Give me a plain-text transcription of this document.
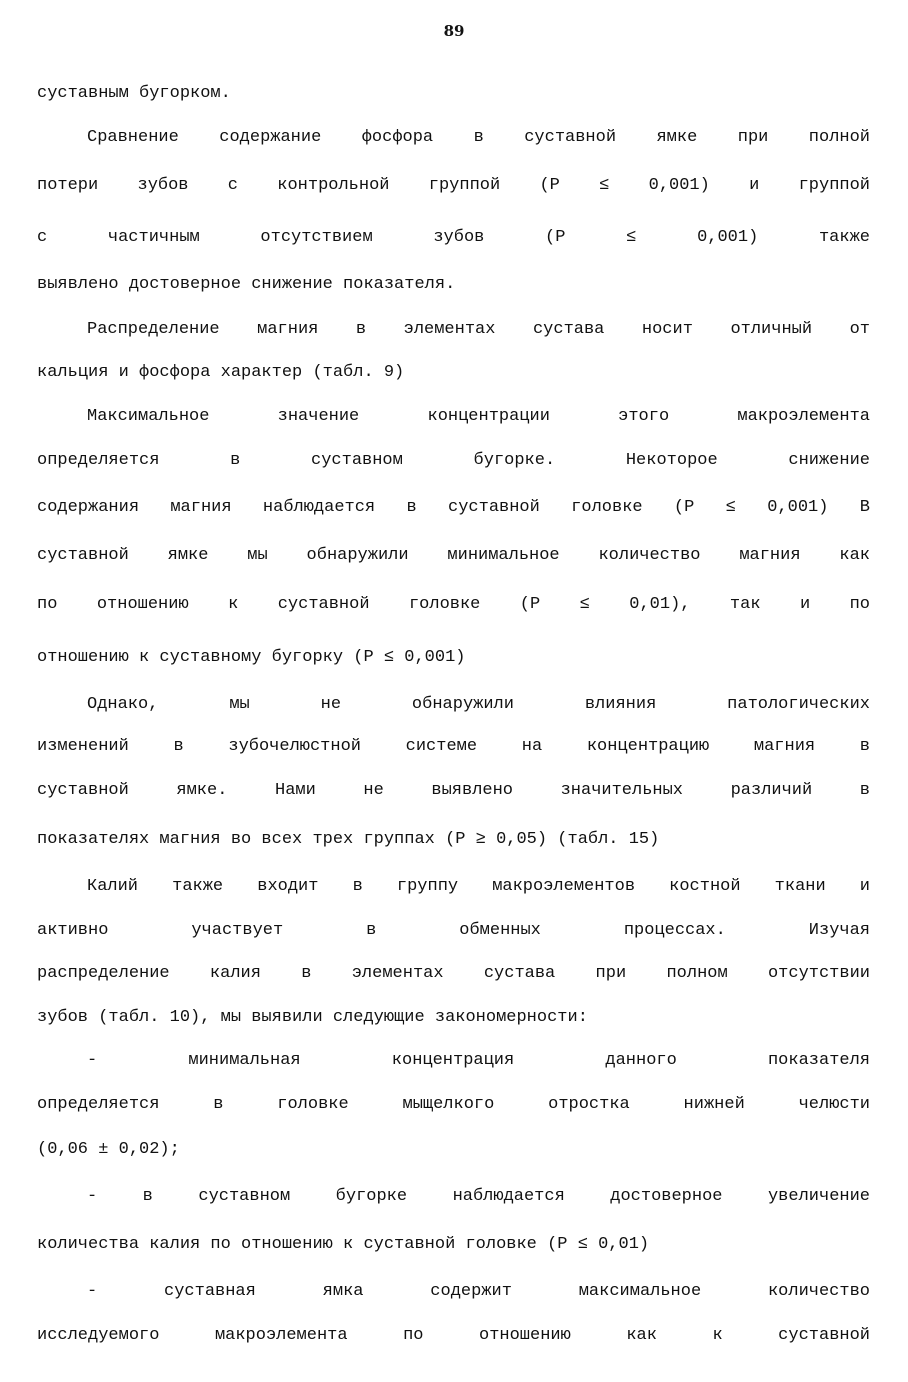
89
суставным бугорком.
Сравнение содержание фосфора в суставной ямке при полной
потери зубов с контрольной группой (P ≤ 0,001) и группой
с частичным отсутствием зубов (P ≤ 0,001) также
выявлено достоверное снижение показателя.
Распределение магния в элементах сустава носит отличный от
кальция и фосфора характер (табл. 9)
Максимальное значение концентрации этого макроэлемента
определяется в суставном бугорке. Некоторое снижение
содержания магния наблюдается в суставной головке (P ≤ 0,001) В
суставной ямке мы обнаружили минимальное количество магния как
по отношению к суставной головке (P ≤ 0,01), так и по
отношению к суставному бугорку (P ≤ 0,001)
Однако, мы не обнаружили влияния патологических
изменений в зубочелюстной системе на концентрацию магния в
суставной ямке. Нами не выявлено значительных различий в
показателях магния во всех трех группах (P ≥ 0,05) (табл. 15)
Калий также входит в группу макроэлементов костной ткани и
активно участвует в обменных процессах. Изучая
распределение калия в элементах сустава при полном отсутствии
зубов (табл. 10), мы выявили следующие закономерности:
- минимальная концентрация данного показателя
определяется в головке мыщелкого отростка нижней челюсти
(0,06 ± 0,02);
- в суставном бугорке наблюдается достоверное увеличение
количества калия по отношению к суставной головке (P ≤ 0,01)
- суставная ямка содержит максимальное количество
исследуемого макроэлемента по отношению как к суставной
